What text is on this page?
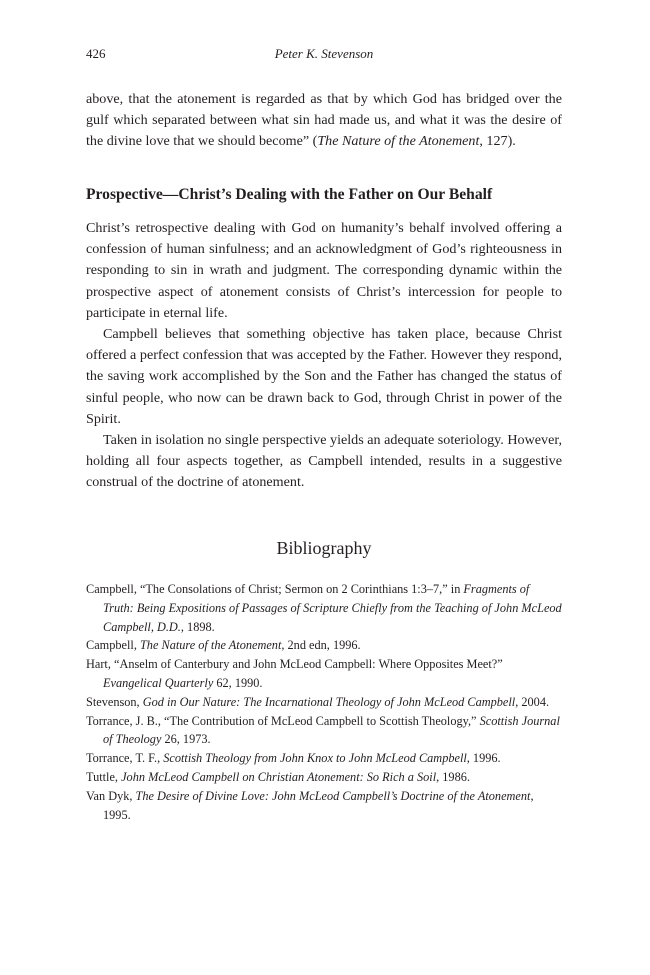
426	Peter K. Stevenson

above, that the atonement is regarded as that by which God has bridged over the gulf which separated between what sin had made us, and what it was the desire of the divine love that we should become” (The Nature of the Atonement, 127).

Prospective—Christ’s Dealing with the Father on Our Behalf

Christ’s retrospective dealing with God on humanity’s behalf involved offering a confession of human sinfulness; and an acknowledgment of God’s righteousness in responding to sin in wrath and judgment. The corresponding dynamic within the prospective aspect of atonement consists of Christ’s intercession for people to participate in eternal life.

Campbell believes that something objective has taken place, because Christ offered a perfect confession that was accepted by the Father. However they respond, the saving work accomplished by the Son and the Father has changed the status of sinful people, who now can be drawn back to God, through Christ in power of the Spirit.

Taken in isolation no single perspective yields an adequate soteriology. However, holding all four aspects together, as Campbell intended, results in a suggestive construal of the doctrine of atonement.

Bibliography
Campbell, “The Consolations of Christ; Sermon on 2 Corinthians 1:3–7,” in Fragments of Truth: Being Expositions of Passages of Scripture Chiefly from the Teaching of John McLeod Campbell, D.D., 1898.
Campbell, The Nature of the Atonement, 2nd edn, 1996.
Hart, “Anselm of Canterbury and John McLeod Campbell: Where Opposites Meet?” Evangelical Quarterly 62, 1990.
Stevenson, God in Our Nature: The Incarnational Theology of John McLeod Campbell, 2004.
Torrance, J. B., “The Contribution of McLeod Campbell to Scottish Theology,” Scottish Journal of Theology 26, 1973.
Torrance, T. F., Scottish Theology from John Knox to John McLeod Campbell, 1996.
Tuttle, John McLeod Campbell on Christian Atonement: So Rich a Soil, 1986.
Van Dyk, The Desire of Divine Love: John McLeod Campbell’s Doctrine of the Atonement, 1995.
